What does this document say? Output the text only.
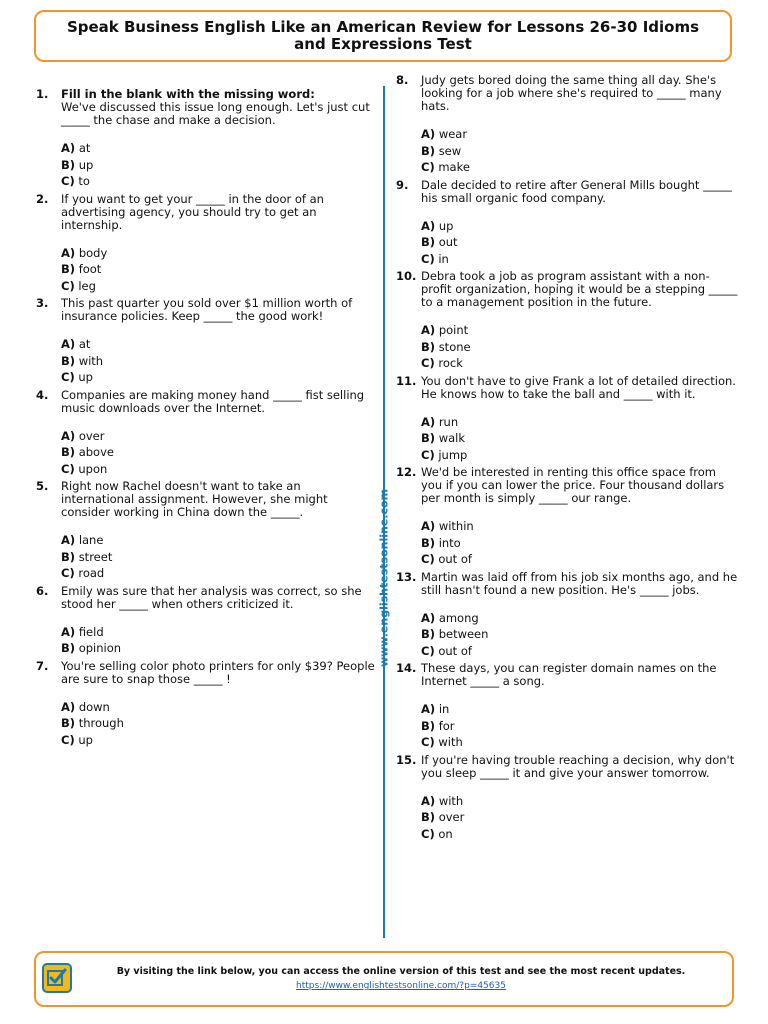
Speak Business English Like an American Review for Lessons 26-30 Idioms and Expressions Test
www.englishtestsonline.com
1. Fill in the blank with the missing word:

We've discussed this issue long enough. Let's just cut _____ the chase and make a decision.

A) at
B) up
C) to
2. If you want to get your _____ in the door of an advertising agency, you should try to get an internship.

A) body
B) foot
C) leg
3. This past quarter you sold over $1 million worth of insurance policies. Keep _____ the good work!

A) at
B) with
C) up
4. Companies are making money hand _____ fist selling music downloads over the Internet.

A) over
B) above
C) upon
5. Right now Rachel doesn't want to take an international assignment. However, she might consider working in China down the _____.

A) lane
B) street
C) road
6. Emily was sure that her analysis was correct, so she stood her _____ when others criticized it.

A) field
B) opinion
7. You're selling color photo printers for only $39? People are sure to snap those _____ !

A) down
B) through
C) up
8. Judy gets bored doing the same thing all day. She's looking for a job where she's required to _____ many hats.

A) wear
B) sew
C) make
9. Dale decided to retire after General Mills bought _____ his small organic food company.

A) up
B) out
C) in
10. Debra took a job as program assistant with a non-profit organization, hoping it would be a stepping _____ to a management position in the future.

A) point
B) stone
C) rock
11. You don't have to give Frank a lot of detailed direction. He knows how to take the ball and _____ with it.

A) run
B) walk
C) jump
12. We'd be interested in renting this office space from you if you can lower the price. Four thousand dollars per month is simply _____ our range.

A) within
B) into
C) out of
13. Martin was laid off from his job six months ago, and he still hasn't found a new position. He's _____ jobs.

A) among
B) between
C) out of
14. These days, you can register domain names on the Internet _____ a song.

A) in
B) for
C) with
15. If you're having trouble reaching a decision, why don't you sleep _____ it and give your answer tomorrow.

A) with
B) over
C) on
By visiting the link below, you can access the online version of this test and see the most recent updates.
https://www.englishtestsonline.com/?p=45635
